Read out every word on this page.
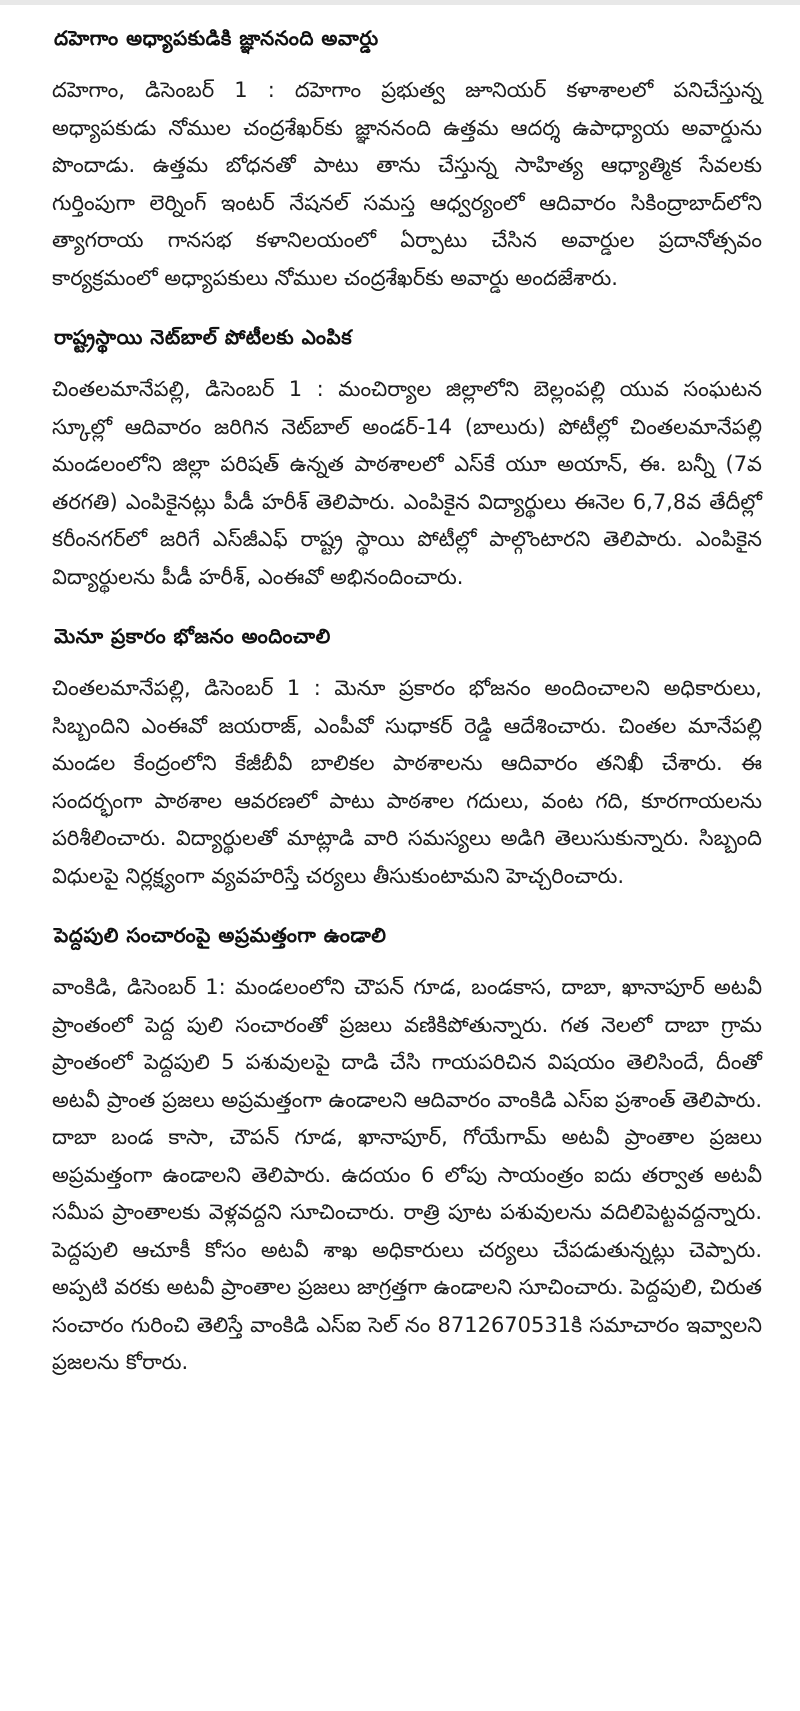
దహెగాం అధ్యాపకుడికి జ్ఞాననంది అవార్డు

దహెగాం, డిసెంబర్ 1 : దహెగాం ప్రభుత్వ జూనియర్ కళాశాలలో పనిచేస్తున్న అధ్యాపకుడు నోముల చంద్రశేఖర్‌కు జ్ఞాననంది ఉత్తమ ఆదర్శ ఉపాధ్యాయ అవార్డును పొందాడు. ఉత్తమ బోధనతో పాటు తాను చేస్తున్న సాహిత్య ఆధ్యాత్మిక సేవలకు గుర్తింపుగా లెర్నింగ్ ఇంటర్ నేషనల్ సమస్త ఆధ్వర్యంలో ఆదివారం సికింద్రాబాద్‌లోని త్యాగరాయ గానసభ కళానిలయంలో ఏర్పాటు చేసిన అవార్డుల ప్రదానోత్సవం కార్యక్రమంలో అధ్యాపకులు నోముల చంద్రశేఖర్‌కు అవార్డు అందజేశారు.

రాష్ట్రస్థాయి నెట్‌బాల్ పోటీలకు ఎంపిక

చింతలమానేపల్లి, డిసెంబర్ 1 : మంచిర్యాల జిల్లాలోని బెల్లంపల్లి యువ సంఘటన స్కూల్లో ఆదివారం జరిగిన నెట్‌బాల్ అండర్-14 (బాలురు) పోటీల్లో చింతలమానేపల్లి మండలంలోని జిల్లా పరిషత్ ఉన్నత పాఠశాలలో ఎస్‌కే యూ అయాన్, ఈ. బన్నీ (7వ తరగతి) ఎంపికైనట్లు పీడీ హరీశ్ తెలిపారు. ఎంపికైన విద్యార్థులు ఈనెల 6,7,8వ తేదీల్లో కరీంనగర్‌లో జరిగే ఎస్‌జీఎఫ్ రాష్ట్ర స్థాయి పోటీల్లో పాల్గొంటారని తెలిపారు. ఎంపికైన విద్యార్థులను పీడీ హరీశ్, ఎంఈవో అభినందించారు.

మెనూ ప్రకారం భోజనం అందించాలి

చింతలమానేపల్లి, డిసెంబర్ 1 : మెనూ ప్రకారం భోజనం అందించాలని అధికారులు, సిబ్బందిని ఎంఈవో జయరాజ్, ఎంపీవో సుధాకర్ రెడ్డి ఆదేశించారు. చింతల మానేపల్లి మండల కేంద్రంలోని కేజీబీవీ బాలికల పాఠశాలను ఆదివారం తనిఖీ చేశారు. ఈ సందర్భంగా పాఠశాల ఆవరణలో పాటు పాఠశాల గదులు, వంట గది, కూరగాయలను పరిశీలించారు. విద్యార్థులతో మాట్లాడి వారి సమస్యలు అడిగి తెలుసుకున్నారు. సిబ్బంది విధులపై నిర్లక్ష్యంగా వ్యవహరిస్తే చర్యలు తీసుకుంటామని హెచ్చరించారు.

పెద్దపులి సంచారంపై అప్రమత్తంగా ఉండాలి

వాంకిడి, డిసెంబర్ 1: మండలంలోని చౌపన్ గూడ, బండకాస, దాబా, ఖానాపూర్ అటవీ ప్రాంతంలో పెద్ద పులి సంచారంతో ప్రజలు వణికిపోతున్నారు. గత నెలలో దాబా గ్రామ ప్రాంతంలో పెద్దపులి 5 పశువులపై దాడి చేసి గాయపరిచిన విషయం తెలిసిందే, దీంతో అటవీ ప్రాంత ప్రజలు అప్రమత్తంగా ఉండాలని ఆదివారం వాంకిడి ఎస్ఐ ప్రశాంత్ తెలిపారు. దాబా బండ కాసా, చౌపన్ గూడ, ఖానాపూర్, గోయేగామ్ అటవీ ప్రాంతాల ప్రజలు అప్రమత్తంగా ఉండాలని తెలిపారు. ఉదయం 6 లోపు సాయంత్రం ఐదు తర్వాత అటవీ సమీప ప్రాంతాలకు వెళ్లవద్దని సూచించారు. రాత్రి పూట పశువులను వదిలిపెట్టవద్దన్నారు. పెద్దపులి ఆచూకీ కోసం అటవీ శాఖ అధికారులు చర్యలు చేపడుతున్నట్లు చెప్పారు. అప్పటి వరకు అటవీ ప్రాంతాల ప్రజలు జాగ్రత్తగా ఉండాలని సూచించారు. పెద్దపులి, చిరుత సంచారం గురించి తెలిస్తే వాంకిడి ఎస్ఐ సెల్ నం 8712670531కి సమాచారం ఇవ్వాలని ప్రజలను కోరారు.
